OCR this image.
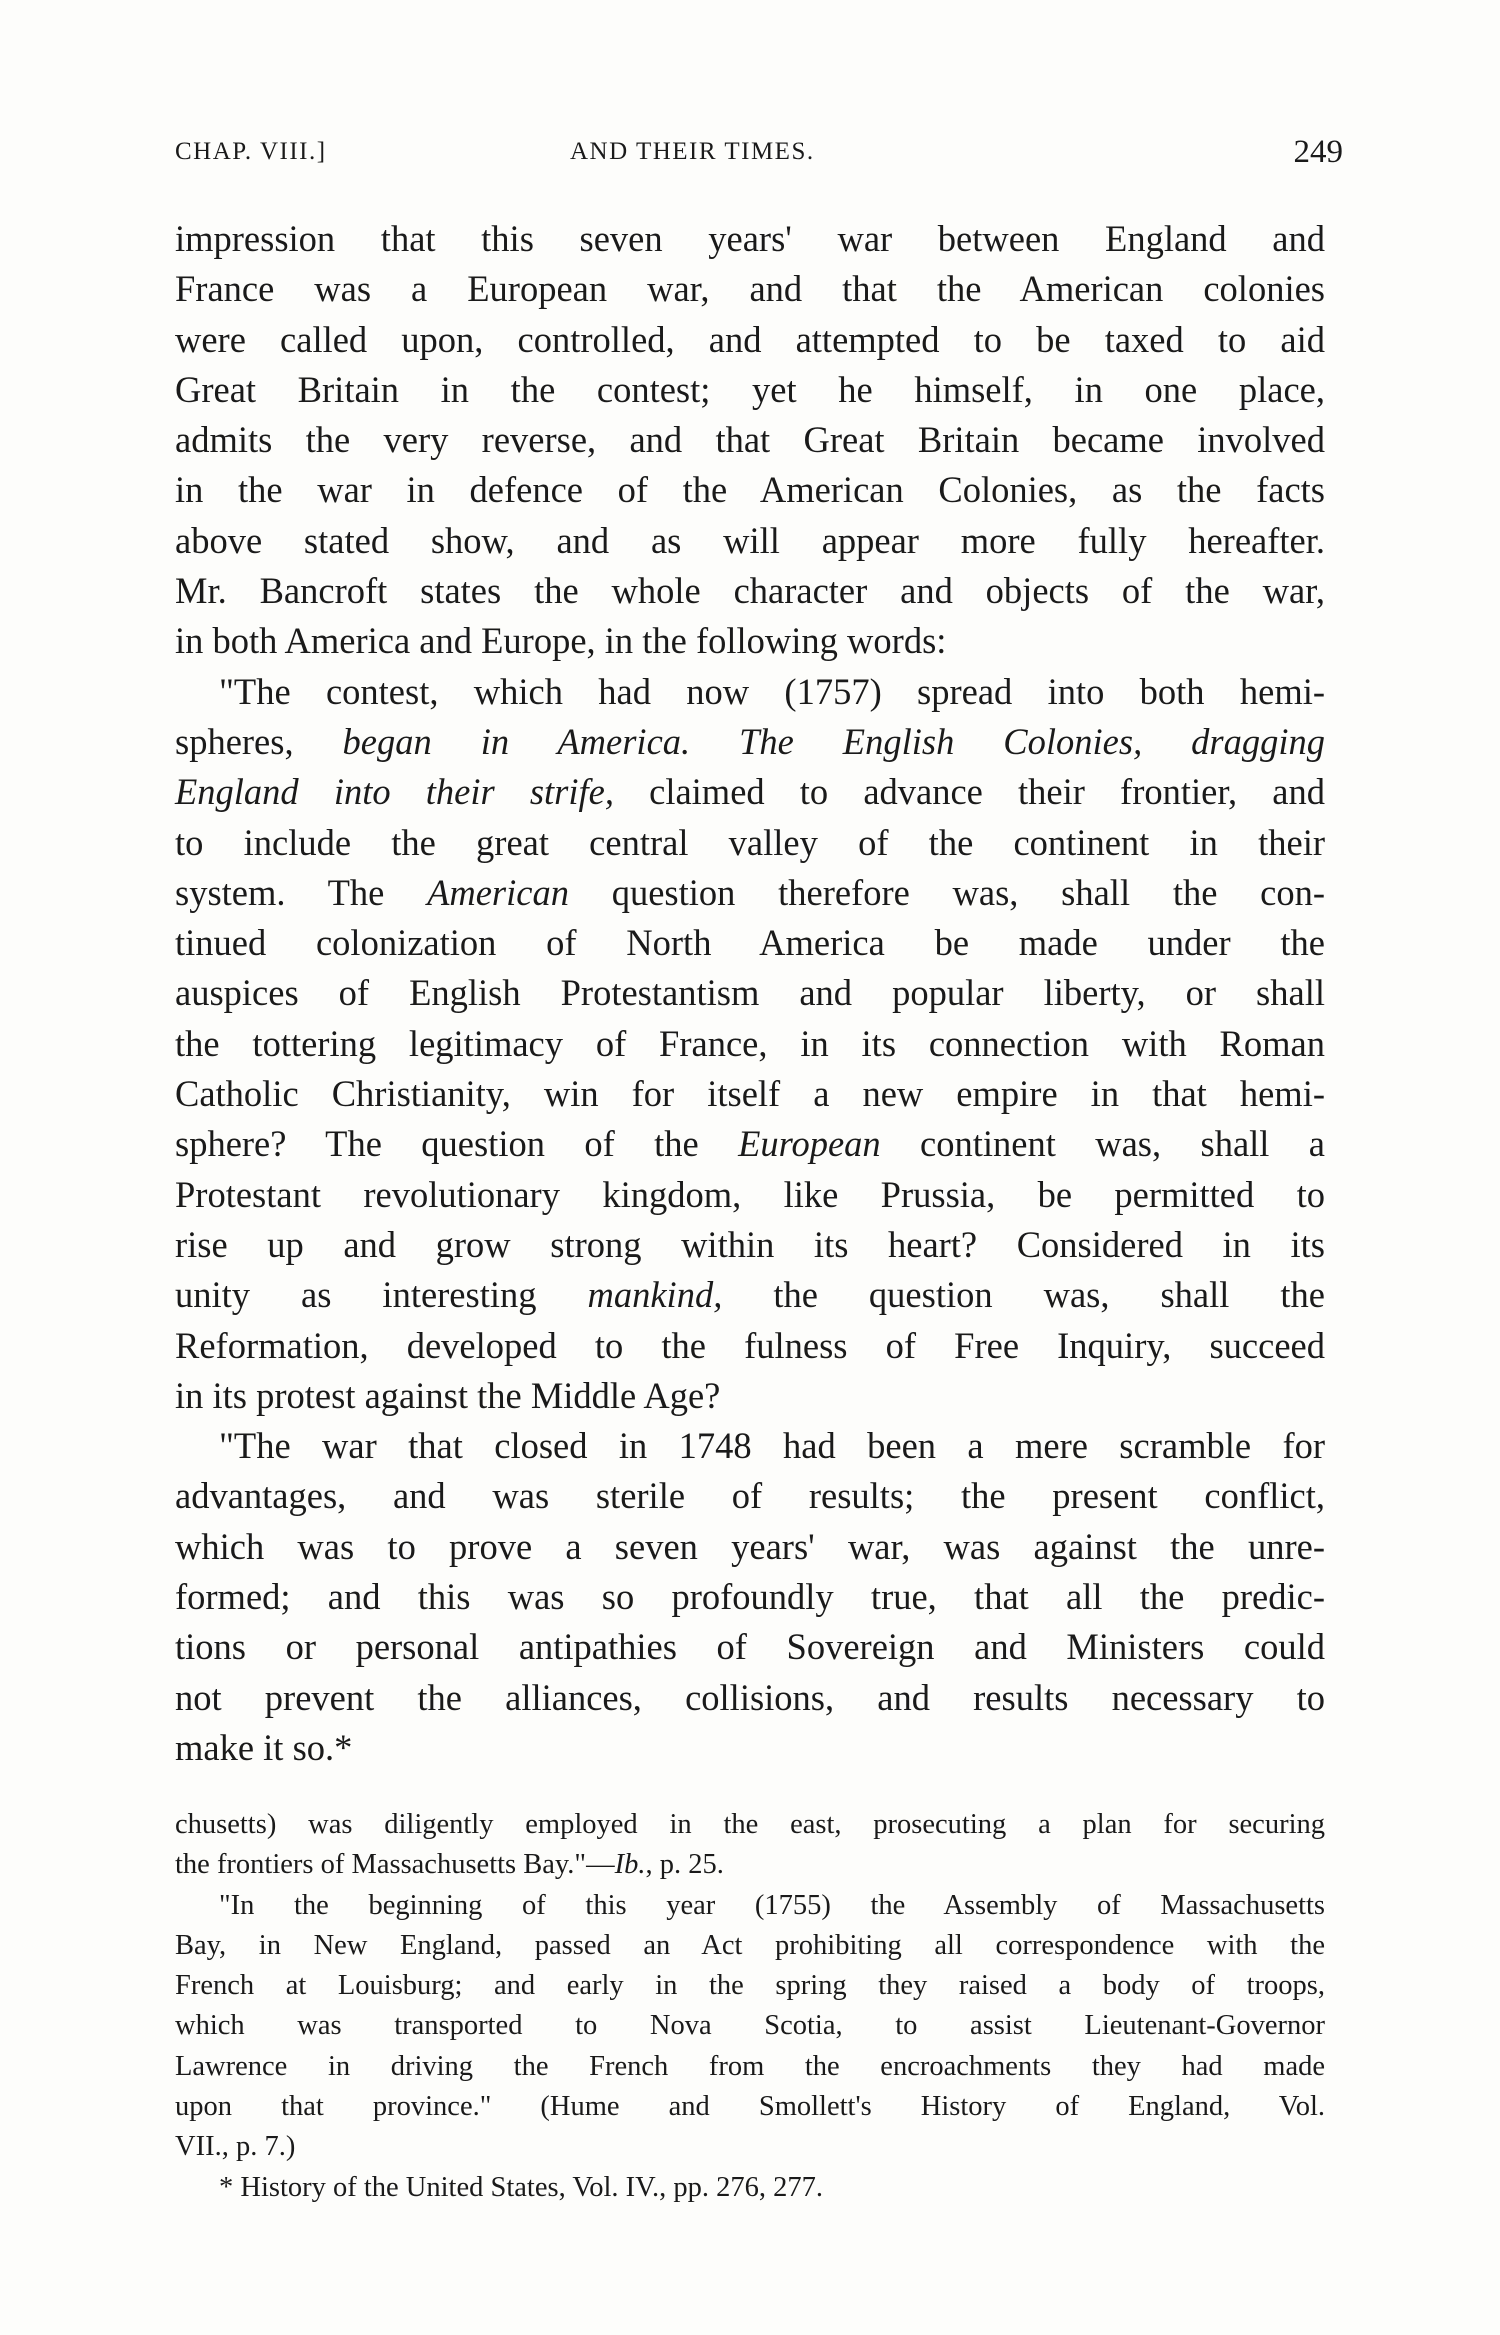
CHAP. VIII.]	AND THEIR TIMES.	249
impression that this seven years' war between England and
France was a European war, and that the American colonies
were called upon, controlled, and attempted to be taxed to aid
Great Britain in the contest; yet he himself, in one place,
admits the very reverse, and that Great Britain became involved
in the war in defence of the American Colonies, as the facts
above stated show, and as will appear more fully hereafter.
Mr. Bancroft states the whole character and objects of the war,
in both America and Europe, in the following words:
"The contest, which had now (1757) spread into both hemi-
spheres, began in America. The English Colonies, dragging
England into their strife, claimed to advance their frontier, and
to include the great central valley of the continent in their
system. The American question therefore was, shall the con-
tinued colonization of North America be made under the
auspices of English Protestantism and popular liberty, or shall
the tottering legitimacy of France, in its connection with Roman
Catholic Christianity, win for itself a new empire in that hemi-
sphere? The question of the European continent was, shall a
Protestant revolutionary kingdom, like Prussia, be permitted to
rise up and grow strong within its heart? Considered in its
unity as interesting mankind, the question was, shall the
Reformation, developed to the fulness of Free Inquiry, succeed
in its protest against the Middle Age?
"The war that closed in 1748 had been a mere scramble for
advantages, and was sterile of results; the present conflict,
which was to prove a seven years' war, was against the unre-
formed; and this was so profoundly true, that all the predic-
tions or personal antipathies of Sovereign and Ministers could
not prevent the alliances, collisions, and results necessary to
make it so.*
chusetts) was diligently employed in the east, prosecuting a plan for securing
the frontiers of Massachusetts Bay."—Ib., p. 25.
"In the beginning of this year (1755) the Assembly of Massachusetts
Bay, in New England, passed an Act prohibiting all correspondence with the
French at Louisburg; and early in the spring they raised a body of troops,
which was transported to Nova Scotia, to assist Lieutenant-Governor
Lawrence in driving the French from the encroachments they had made
upon that province." (Hume and Smollett's History of England, Vol.
VII., p. 7.)
* History of the United States, Vol. IV., pp. 276, 277.
